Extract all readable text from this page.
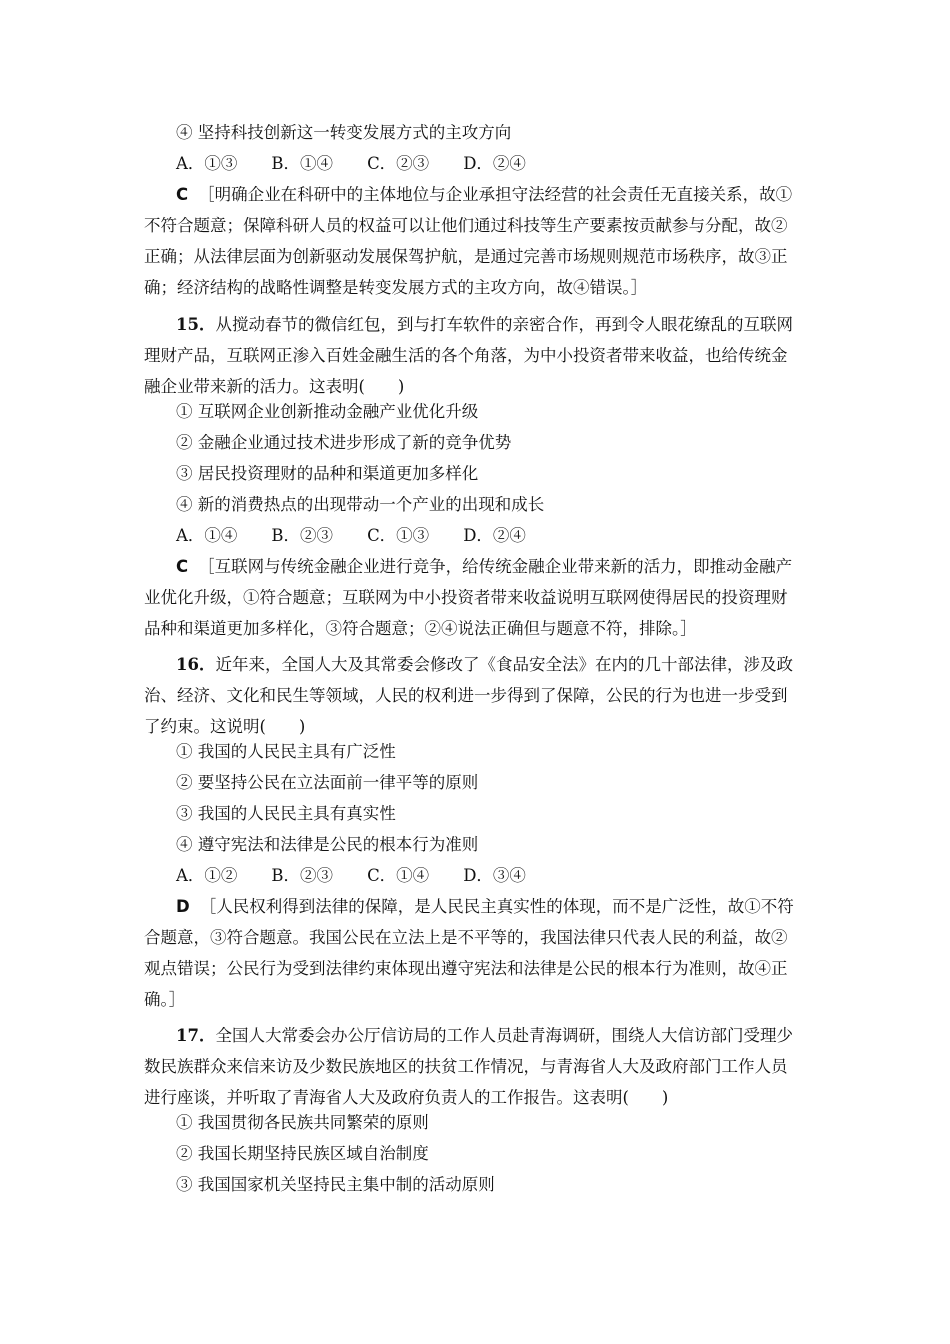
④ 坚持科技创新这一转变发展方式的主攻方向
A．①③ B．①④ C．②③ D．②④
C ［明确企业在科研中的主体地位与企业承担守法经营的社会责任无直接关系，故①
不符合题意；保障科研人员的权益可以让他们通过科技等生产要素按贡献参与分配，故②
正确；从法律层面为创新驱动发展保驾护航，是通过完善市场规则规范市场秩序，故③正
确；经济结构的战略性调整是转变发展方式的主攻方向，故④错误。］
15．从搅动春节的微信红包，到与打车软件的亲密合作，再到令人眼花缭乱的互联网
理财产品，互联网正渗入百姓金融生活的各个角落，为中小投资者带来收益，也给传统金
融企业带来新的活力。这表明(　　)
① 互联网企业创新推动金融产业优化升级
② 金融企业通过技术进步形成了新的竞争优势
③ 居民投资理财的品种和渠道更加多样化
④ 新的消费热点的出现带动一个产业的出现和成长
A．①④ B．②③ C．①③ D．②④
C ［互联网与传统金融企业进行竞争，给传统金融企业带来新的活力，即推动金融产
业优化升级，①符合题意；互联网为中小投资者带来收益说明互联网使得居民的投资理财
品种和渠道更加多样化，③符合题意；②④说法正确但与题意不符，排除。］
16．近年来，全国人大及其常委会修改了《食品安全法》在内的几十部法律，涉及政
治、经济、文化和民生等领域，人民的权利进一步得到了保障，公民的行为也进一步受到
了约束。这说明(　　)
① 我国的人民民主具有广泛性
② 要坚持公民在立法面前一律平等的原则
③ 我国的人民民主具有真实性
④ 遵守宪法和法律是公民的根本行为准则
A．①② B．②③ C．①④ D．③④
D ［人民权利得到法律的保障，是人民民主真实性的体现，而不是广泛性，故①不符
合题意，③符合题意。我国公民在立法上是不平等的，我国法律只代表人民的利益，故②
观点错误；公民行为受到法律约束体现出遵守宪法和法律是公民的根本行为准则，故④正
确。］
17．全国人大常委会办公厅信访局的工作人员赴青海调研，围绕人大信访部门受理少
数民族群众来信来访及少数民族地区的扶贫工作情况，与青海省人大及政府部门工作人员
进行座谈，并听取了青海省人大及政府负责人的工作报告。这表明(　　)
① 我国贯彻各民族共同繁荣的原则
② 我国长期坚持民族区域自治制度
③ 我国国家机关坚持民主集中制的活动原则
